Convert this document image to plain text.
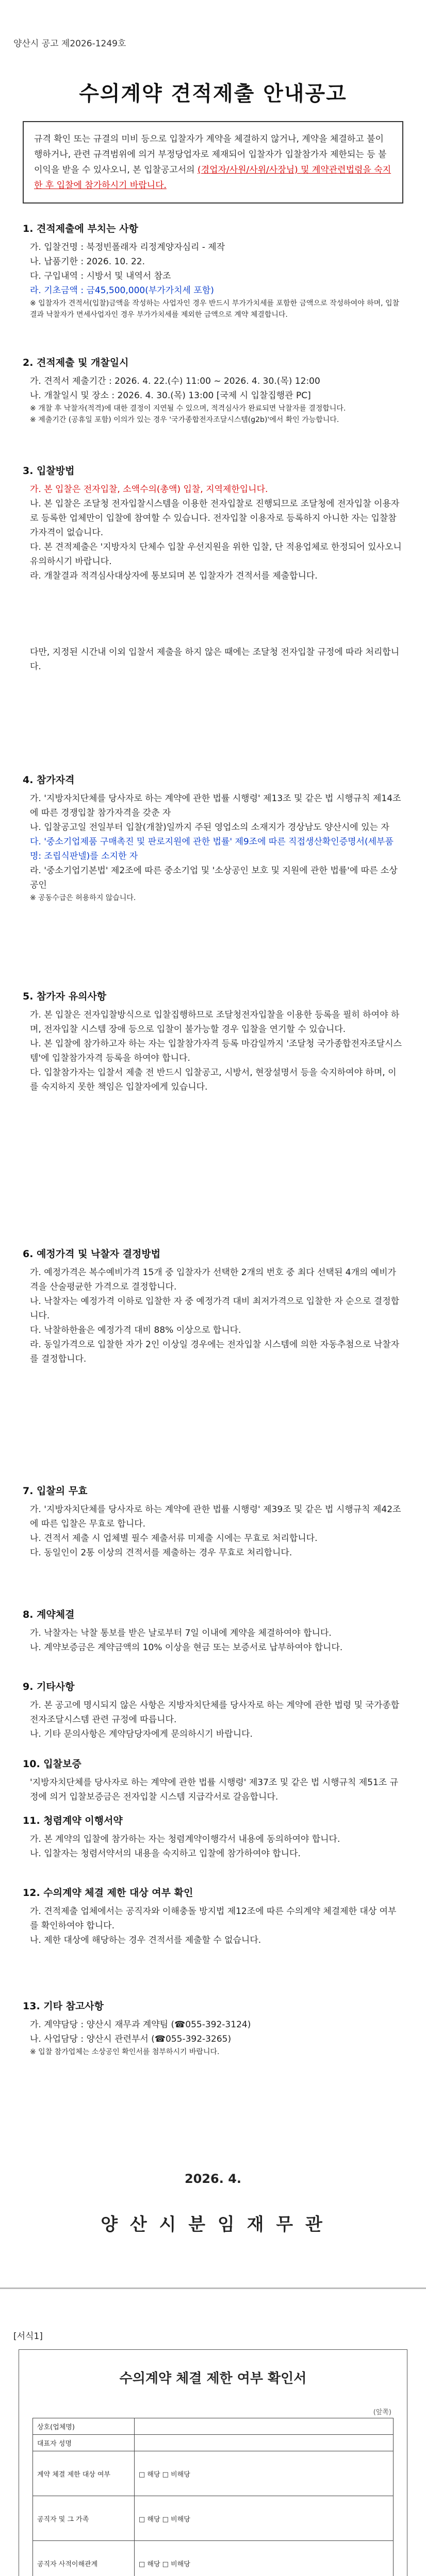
양산시 공고 제2026-1249호
수의계약 견적제출 안내공고
규격 확인 또는 규결의 미비 등으로 입찰자가 계약을 체결하지 않거나, 계약을 체결하고 불이행하거나, 관련 규격범위에 의거 부정당업자로 제재되어 입찰자가 입찰참가자 제한되는 등 불이익을 받을 수 있사오니, 본 입찰공고서의 (경업자/사원/사위/사장님) 및 계약관련법령을 숙지한 후 입찰에 참가하시기 바랍니다.
1. 견적제출에 부치는 사항
가. 입찰건명 : 북정빈폴래자 리정계양자심리 - 제작
나. 납품기한 : 2026. 10. 22.
다. 구입내역 : 시방서 및 내역서 참조
라. 기초금액 : 금45,500,000(부가가치세 포함)
※ 입찰자가 견적서(입찰)금액을 작성하는 사업자인 경우 반드시 부가가치세를 포함한 금액으로 작성하여야 하며, 입찰결과 낙찰자가 면세사업자인 경우 부가가치세를 제외한 금액으로 계약 체결합니다.
2. 견적제출 및 개찰일시
가. 견적서 제출기간 : 2026. 4. 22.(수) 11:00 ~ 2026. 4. 30.(목) 12:00
나. 개찰일시 및 장소 : 2026. 4. 30.(목) 13:00 [국제 시 입찰집행관 PC]
※ 개찰 후 낙찰자(적격)에 대한 결정이 지연될 수 있으며, 적격심사가 완료되면 낙찰자를 결정합니다.
※ 제출기간 (공휴일 포함) 이의가 있는 경우 '국가종합전자조달시스템(g2b)'에서 확인 가능합니다.
3. 입찰방법
가. 본 입찰은 전자입찰, 소액수의(총액) 입찰, 지역제한입니다.
나. 본 입찰은 조달청 전자입찰시스템을 이용한 전자입찰로 진행되므로 조달청에 전자입찰 이용자로 등록한 업체만이 입찰에 참여할 수 있습니다. 전자입찰 이용자로 등록하지 아니한 자는 입찰참가자격이 없습니다.
다. 본 견적제출은 '지방자치 단체수 입찰 우선지원을 위한 입찰, 단 적용업체로 한정되어 있사오니 유의하시기 바랍니다.
라. 개찰결과 적격심사대상자에 통보되며 본 입찰자가 견적서를 제출합니다.
다만, 지정된 시간내 이외 입찰서 제출을 하지 않은 때에는 조달청 전자입찰 규정에 따라 처리합니다.
4. 참가자격
가. '지방자치단체를 당사자로 하는 계약에 관한 법률 시행령' 제13조 및 같은 법 시행규칙 제14조에 따른 경쟁입찰 참가자격을 갖춘 자
나. 입찰공고일 전일부터 입찰(개찰)일까지 주된 영업소의 소재지가 경상남도 양산시에 있는 자
다. '중소기업제품 구매촉진 및 판로지원에 관한 법률' 제9조에 따른 직접생산확인증명서(세부품명: 조립식판넬)를 소지한 자
라. '중소기업기본법' 제2조에 따른 중소기업 및 '소상공인 보호 및 지원에 관한 법률'에 따른 소상공인
※ 공동수급은 허용하지 않습니다.
5. 참가자 유의사항
가. 본 입찰은 전자입찰방식으로 입찰집행하므로 조달청전자입찰을 이용한 등록을 필히 하여야 하며, 전자입찰 시스템 장애 등으로 입찰이 불가능할 경우 입찰을 연기할 수 있습니다.
나. 본 입찰에 참가하고자 하는 자는 입찰참가자격 등록 마감일까지 '조달청 국가종합전자조달시스템'에 입찰참가자격 등록을 하여야 합니다.
다. 입찰참가자는 입찰서 제출 전 반드시 입찰공고, 시방서, 현장설명서 등을 숙지하여야 하며, 이를 숙지하지 못한 책임은 입찰자에게 있습니다.
6. 예정가격 및 낙찰자 결정방법
가. 예정가격은 복수예비가격 15개 중 입찰자가 선택한 2개의 번호 중 최다 선택된 4개의 예비가격을 산술평균한 가격으로 결정합니다.
나. 낙찰자는 예정가격 이하로 입찰한 자 중 예정가격 대비 최저가격으로 입찰한 자 순으로 결정합니다.
다. 낙찰하한율은 예정가격 대비 88% 이상으로 합니다.
라. 동일가격으로 입찰한 자가 2인 이상일 경우에는 전자입찰 시스템에 의한 자동추첨으로 낙찰자를 결정합니다.
7. 입찰의 무효
가. '지방자치단체를 당사자로 하는 계약에 관한 법률 시행령' 제39조 및 같은 법 시행규칙 제42조에 따른 입찰은 무효로 합니다.
나. 견적서 제출 시 업체별 필수 제출서류 미제출 시에는 무효로 처리합니다.
다. 동일인이 2통 이상의 견적서를 제출하는 경우 무효로 처리합니다.
8. 계약체결
가. 낙찰자는 낙찰 통보를 받은 날로부터 7일 이내에 계약을 체결하여야 합니다.
나. 계약보증금은 계약금액의 10% 이상을 현금 또는 보증서로 납부하여야 합니다.
9. 기타사항
가. 본 공고에 명시되지 않은 사항은 지방자치단체를 당사자로 하는 계약에 관한 법령 및 국가종합전자조달시스템 관련 규정에 따릅니다.
나. 기타 문의사항은 계약담당자에게 문의하시기 바랍니다.
10. 입찰보증
'지방자치단체를 당사자로 하는 계약에 관한 법률 시행령' 제37조 및 같은 법 시행규칙 제51조 규정에 의거 입찰보증금은 전자입찰 시스템 지급각서로 갈음합니다.
11. 청렴계약 이행서약
가. 본 계약의 입찰에 참가하는 자는 청렴계약이행각서 내용에 동의하여야 합니다.
나. 입찰자는 청렴서약서의 내용을 숙지하고 입찰에 참가하여야 합니다.
12. 수의계약 체결 제한 대상 여부 확인
가. 견적제출 업체에서는 공직자와 이해충돌 방지법 제12조에 따른 수의계약 체결제한 대상 여부를 확인하여야 합니다.
나. 제한 대상에 해당하는 경우 견적서를 제출할 수 없습니다.
13. 기타 참고사항
가. 계약담당 : 양산시 재무과 계약팀 (☎055-392-3124)
나. 사업담당 : 양산시 관련부서 (☎055-392-3265)
※ 입찰 참가업체는 소상공인 확인서를 첨부하시기 바랍니다.
2026. 4.
양 산 시 분 임 재 무 관
[서식1]
수의계약 체결 제한 여부 확인서
(앞쪽)
상호(업체명)	
대표자 성명	
계약 체결 제한 대상 여부	□ 해당 □ 비해당
공직자 및 그 가족	□ 해당 □ 비해당
공직자 사적이해관계	□ 해당 □ 비해당
